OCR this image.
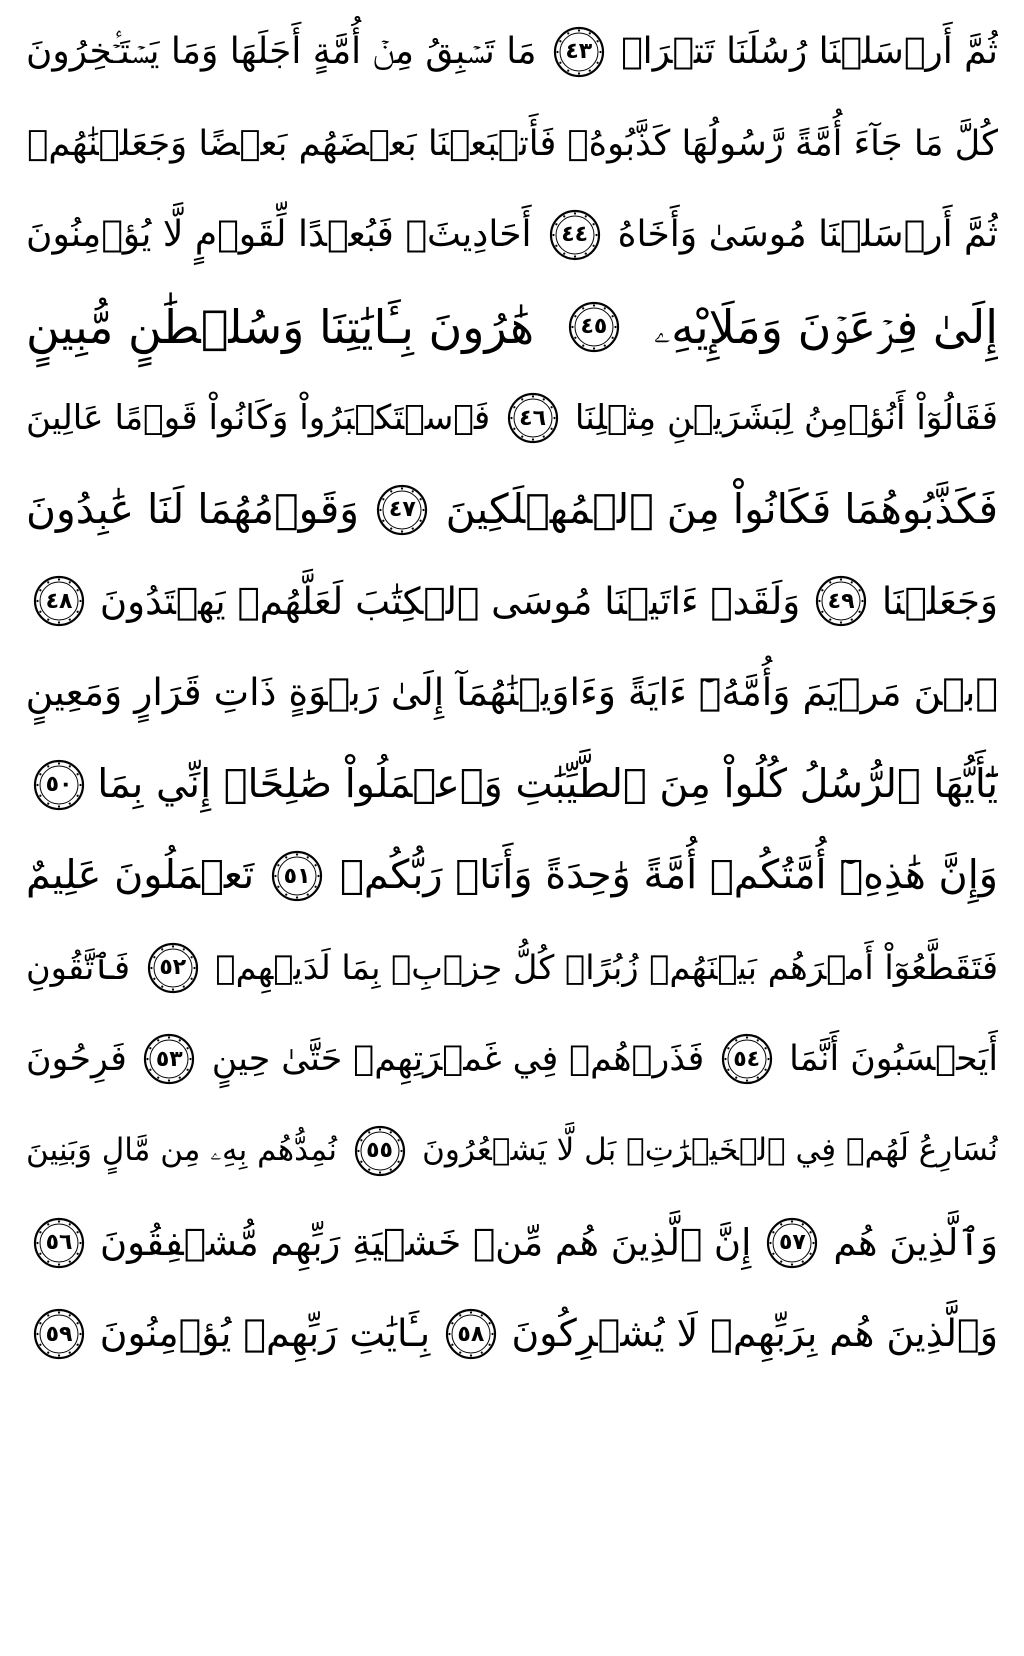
ثُمَّ أَرۡسَلۡنَا رُسُلَنَا تَتۡرَاۖ
٤٣
مَا تَسۡبِقُ مِنۡ أُمَّةٍ أَجَلَهَا وَمَا يَسۡتَـٔۡخِرُونَ
كُلَّ مَا جَآءَ أُمَّةً رَّسُولُهَا كَذَّبُوهُۖ فَأَتۡبَعۡنَا بَعۡضَهُم بَعۡضًا وَجَعَلۡنَٰهُمۡ
ثُمَّ أَرۡسَلۡنَا مُوسَىٰ وَأَخَاهُ
٤٤
أَحَادِيثَۚ فَبُعۡدًا لِّقَوۡمٍ لَّا يُؤۡمِنُونَ
إِلَىٰ فِرۡعَوۡنَ وَمَلَإِيْهِۦ
٤٥
هَٰرُونَ بِـَٔايَٰتِنَا وَسُلۡطَٰنٍ مُّبِينٍ
فَقَالُوٓاْ أَنُؤۡمِنُ لِبَشَرَيۡنِ مِثۡلِنَا
٤٦
فَٱسۡتَكۡبَرُواْ وَكَانُواْ قَوۡمًا عَالِينَ
فَكَذَّبُوهُمَا فَكَانُواْ مِنَ ٱلۡمُهۡلَكِينَ
٤٧
وَقَوۡمُهُمَا لَنَا عَٰبِدُونَ
وَجَعَلۡنَا
٤٩
وَلَقَدۡ ءَاتَيۡنَا مُوسَى ٱلۡكِتَٰبَ لَعَلَّهُمۡ يَهۡتَدُونَ
٤٨
ٱبۡنَ مَرۡيَمَ وَأُمَّهُۥٓ ءَايَةً وَءَاوَيۡنَٰهُمَآ إِلَىٰ رَبۡوَةٍ ذَاتِ قَرَارٍ وَمَعِينٍ
يَٰٓأَيُّهَا ٱلرُّسُلُ كُلُواْ مِنَ ٱلطَّيِّبَٰتِ وَٱعۡمَلُواْ صَٰلِحًاۖ إِنِّي بِمَا
٥٠
وَإِنَّ هَٰذِهِۦٓ أُمَّتُكُمۡ أُمَّةً وَٰحِدَةً وَأَنَا۠ رَبُّكُمۡ
٥١
تَعۡمَلُونَ عَلِيمٌ
فَتَقَطَّعُوٓاْ أَمۡرَهُم بَيۡنَهُمۡ زُبُرًاۖ كُلُّ حِزۡبِۭ بِمَا لَدَيۡهِمۡ
٥٢
فَٱتَّقُونِ
أَيَحۡسَبُونَ أَنَّمَا
٥٤
فَذَرۡهُمۡ فِي غَمۡرَتِهِمۡ حَتَّىٰ حِينٍ
٥٣
فَرِحُونَ
نُسَارِعُ لَهُمۡ فِي ٱلۡخَيۡرَٰتِۚ بَل لَّا يَشۡعُرُونَ
٥٥
نُمِدُّهُم بِهِۦ مِن مَّالٍ وَبَنِينَ
وَٱلَّذِينَ هُم
٥٧
إِنَّ ٱلَّذِينَ هُم مِّنۡ خَشۡيَةِ رَبِّهِم مُّشۡفِقُونَ
٥٦
وَٱلَّذِينَ هُم بِرَبِّهِمۡ لَا يُشۡرِكُونَ
٥٨
بِـَٔايَٰتِ رَبِّهِمۡ يُؤۡمِنُونَ
٥٩
